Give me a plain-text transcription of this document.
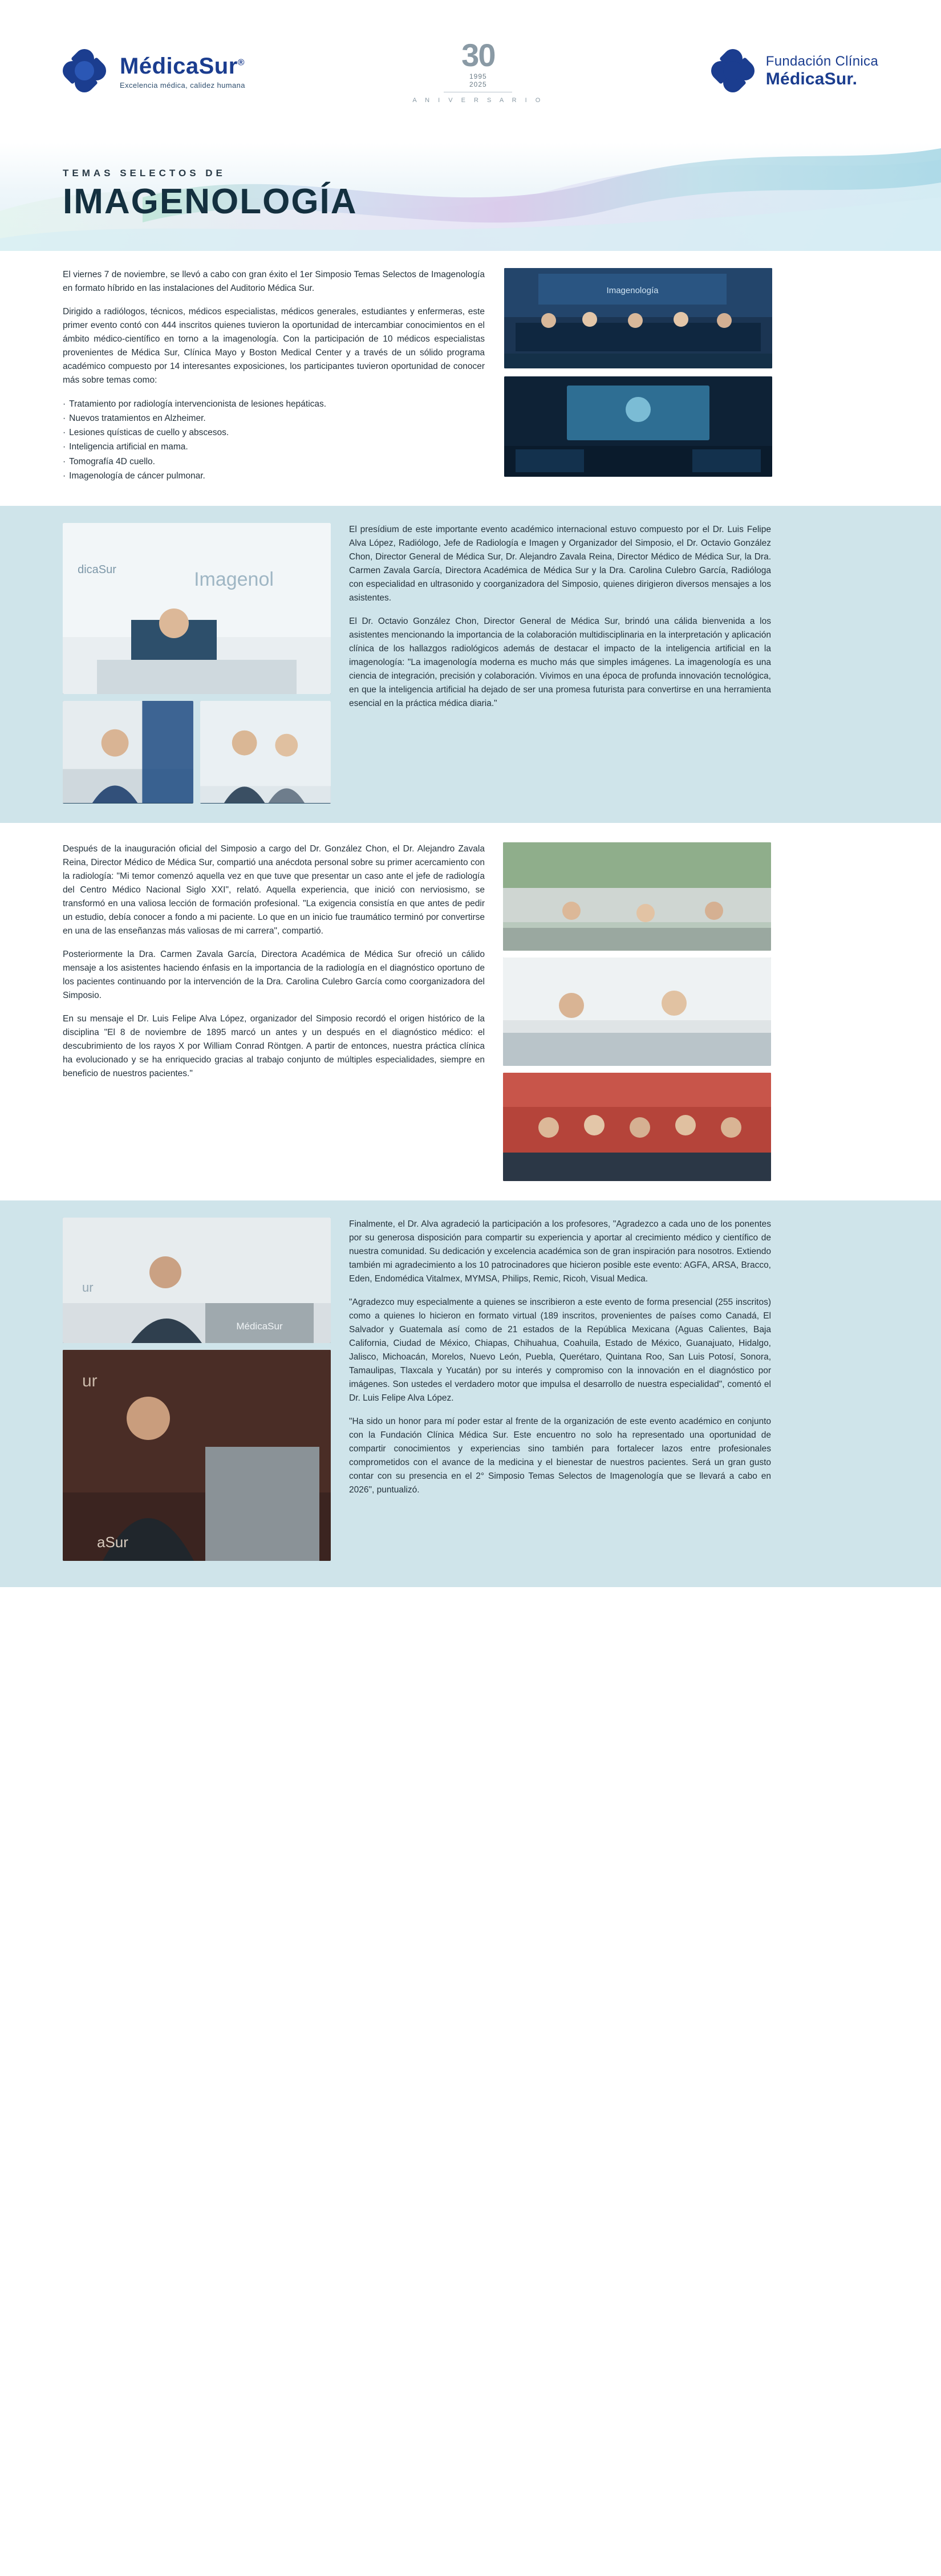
MédicaSur®
Excelencia médica, calidez humana
30
1995
2025
A N I V E R S A R I O
Fundación Clínica
MédicaSur.
TEMAS SELECTOS DE
IMAGENOLOGÍA

El viernes 7 de noviembre, se llevó a cabo con gran éxito el 1er Simposio Temas Selectos de Imagenología en formato híbrido en las instalaciones del Auditorio Médica Sur.

Dirigido a radiólogos, técnicos, médicos especialistas, médicos generales, estudiantes y enfermeras, este primer evento contó con 444 inscritos quienes tuvieron la oportunidad de intercambiar conocimientos en el ámbito médico-científico en torno a la imagenología. Con la participación de 10 médicos especialistas provenientes de Médica Sur, Clínica Mayo y Boston Medical Center y a través de un sólido programa académico compuesto por 14 interesantes exposiciones, los participantes tuvieron oportunidad de conocer más sobre temas como:

· Tratamiento por radiología intervencionista de lesiones hepáticas.
· Nuevos tratamientos en Alzheimer.
· Lesiones quísticas de cuello y abscesos.
· Inteligencia artificial en mama.
· Tomografía 4D cuello.
· Imagenología de cáncer pulmonar.
Imagenología
Imagenol
dicaSur

El presídium de este importante evento académico internacional estuvo compuesto por el Dr. Luis Felipe Alva López, Radiólogo, Jefe de Radiología e Imagen y Organizador del Simposio, el Dr. Octavio González Chon, Director General de Médica Sur, Dr. Alejandro Zavala Reina, Director Médico de Médica Sur, la Dra. Carmen Zavala García, Directora Académica de Médica Sur y la Dra. Carolina Culebro García, Radióloga con especialidad en ultrasonido y coorganizadora del Simposio, quienes dirigieron diversos mensajes a los asistentes.

El Dr. Octavio González Chon, Director General de Médica Sur, brindó una cálida bienvenida a los asistentes mencionando la importancia de la colaboración multidisciplinaria en la interpretación y aplicación clínica de los hallazgos radiológicos además de destacar el impacto de la inteligencia artificial en la imagenología: "La imagenología moderna es mucho más que simples imágenes. La imagenología es una ciencia de integración, precisión y colaboración. Vivimos en una época de profunda innovación tecnológica, en que la inteligencia artificial ha dejado de ser una promesa futurista para convertirse en una herramienta esencial en la práctica médica diaria."

Después de la inauguración oficial del Simposio a cargo del Dr. González Chon, el Dr. Alejandro Zavala Reina, Director Médico de Médica Sur, compartió una anécdota personal sobre su primer acercamiento con la radiología: "Mi temor comenzó aquella vez en que tuve que presentar un caso ante el jefe de radiología del Centro Médico Nacional Siglo XXI", relató. Aquella experiencia, que inició con nerviosismo, se transformó en una valiosa lección de formación profesional. "La exigencia consistía en que antes de pedir un estudio, debía conocer a fondo a mi paciente. Lo que en un inicio fue traumático terminó por convertirse en una de las enseñanzas más valiosas de mi carrera", compartió.

Posteriormente la Dra. Carmen Zavala García, Directora Académica de Médica Sur ofreció un cálido mensaje a los asistentes haciendo énfasis en la importancia de la radiología en el diagnóstico oportuno de los pacientes continuando por la intervención de la Dra. Carolina Culebro García como coorganizadora del Simposio.

En su mensaje el Dr. Luis Felipe Alva López, organizador del Simposio recordó el origen histórico de la disciplina "El 8 de noviembre de 1895 marcó un antes y un después en el diagnóstico médico: el descubrimiento de los rayos X por William Conrad Röntgen. A partir de entonces, nuestra práctica clínica ha evolucionado y se ha enriquecido gracias al trabajo conjunto de múltiples especialidades, siempre en beneficio de nuestros pacientes."

ur
MédicaSur
ur
aSur

Finalmente, el Dr. Alva agradeció la participación a los profesores, "Agradezco a cada uno de los ponentes por su generosa disposición para compartir su experiencia y aportar al crecimiento médico y científico de nuestra comunidad. Su dedicación y excelencia académica son de gran inspiración para nosotros. Extiendo también mi agradecimiento a los 10 patrocinadores que hicieron posible este evento: AGFA, ARSA, Bracco, Eden, Endomédica Vitalmex, MYMSA, Philips, Remic, Ricoh, Visual Medica.

"Agradezco muy especialmente a quienes se inscribieron a este evento de forma presencial (255 inscritos) como a quienes lo hicieron en formato virtual (189 inscritos, provenientes de países como Canadá, El Salvador y Guatemala así como de 21 estados de la República Mexicana (Aguas Calientes, Baja California, Ciudad de México, Chiapas, Chihuahua, Coahuila, Estado de México, Guanajuato, Hidalgo, Jalisco, Michoacán, Morelos, Nuevo León, Puebla, Querétaro, Quintana Roo, San Luis Potosí, Sonora, Tamaulipas, Tlaxcala y Yucatán) por su interés y compromiso con la innovación en el diagnóstico por imágenes. Son ustedes el verdadero motor que impulsa el desarrollo de nuestra especialidad", comentó el Dr. Luis Felipe Alva López.

"Ha sido un honor para mí poder estar al frente de la organización de este evento académico en conjunto con la Fundación Clínica Médica Sur. Este encuentro no solo ha representado una oportunidad de compartir conocimientos y experiencias sino también para fortalecer lazos entre profesionales comprometidos con el avance de la medicina y el bienestar de nuestros pacientes. Será un gran gusto contar con su presencia en el 2° Simposio Temas Selectos de Imagenología que se llevará a cabo en 2026", puntualizó.
